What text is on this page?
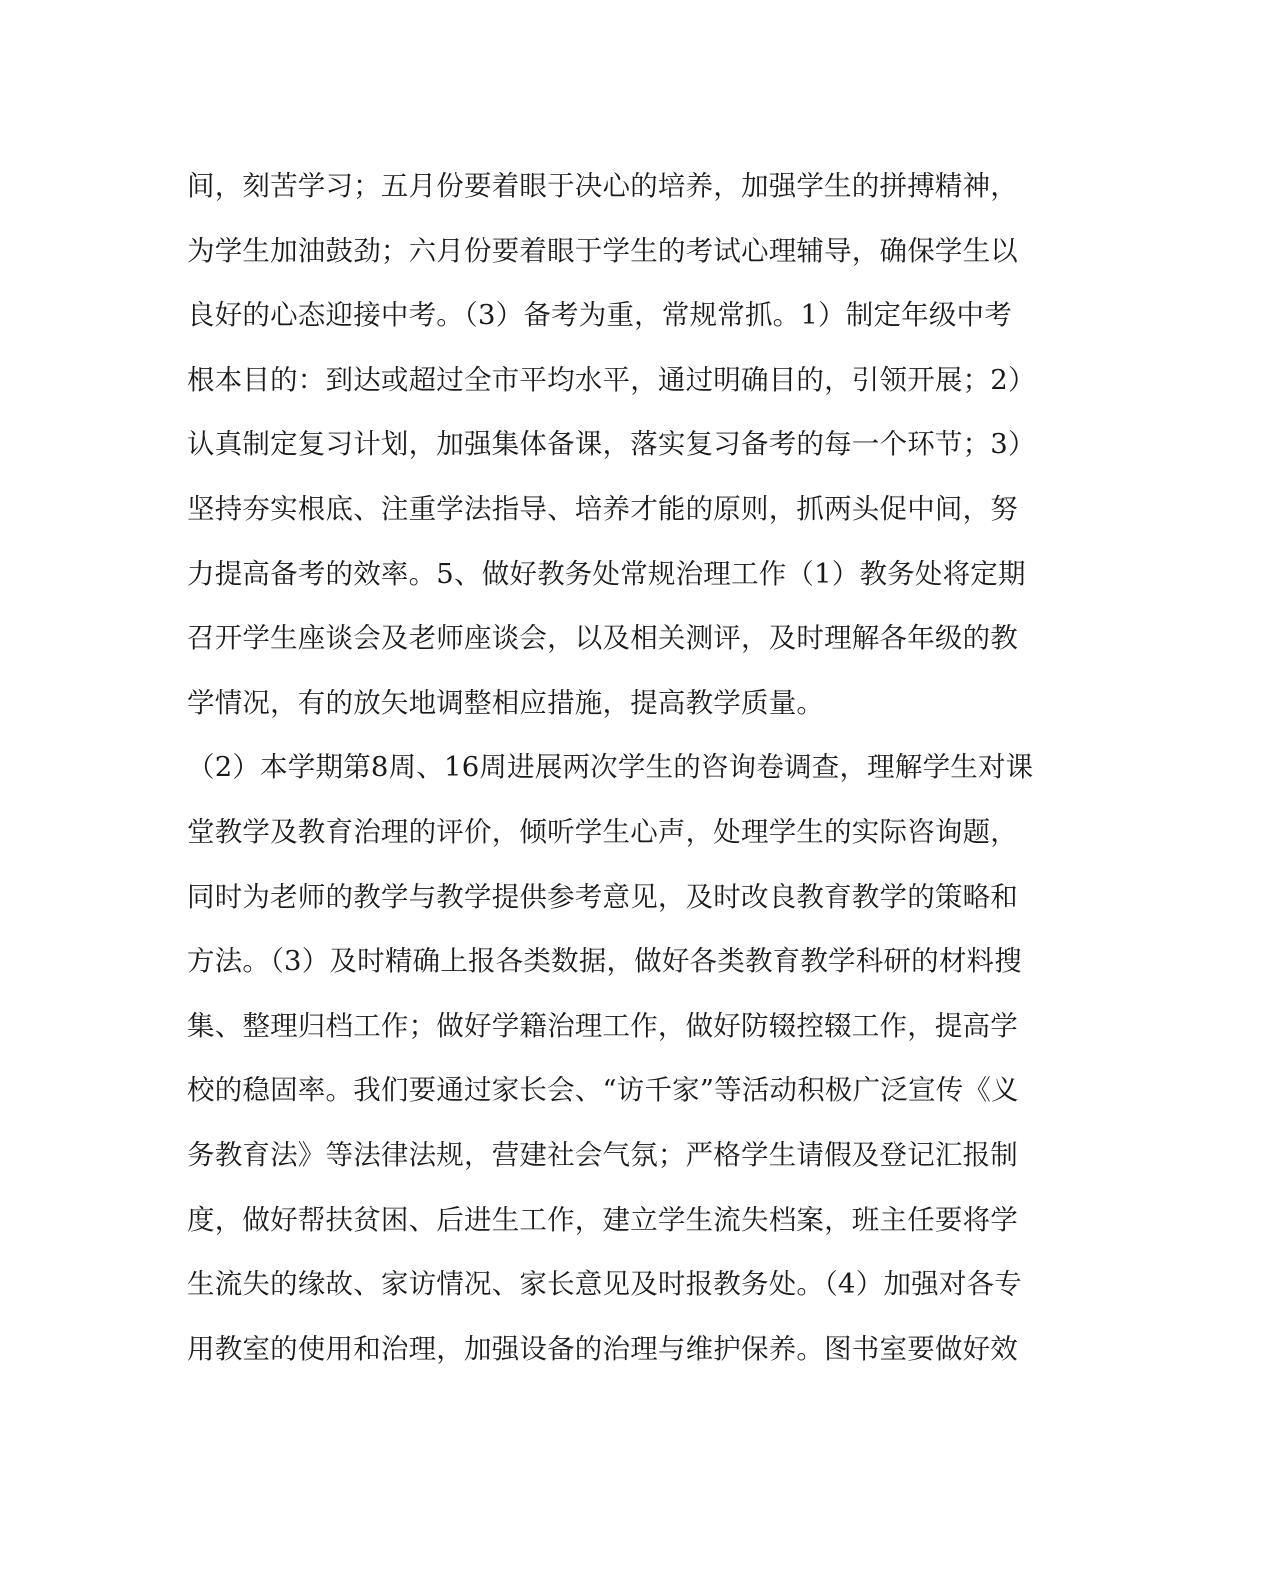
间，刻苦学习；五月份要着眼于决心的培养，加强学生的拼搏精神，
为学生加油鼓劲；六月份要着眼于学生的考试心理辅导，确保学生以
良好的心态迎接中考。（3）备考为重，常规常抓。1）制定年级中考
根本目的：到达或超过全市平均水平，通过明确目的，引领开展；2）
认真制定复习计划，加强集体备课，落实复习备考的每一个环节；3）
坚持夯实根底、注重学法指导、培养才能的原则，抓两头促中间，努
力提高备考的效率。5、做好教务处常规治理工作（1）教务处将定期
召开学生座谈会及老师座谈会，以及相关测评，及时理解各年级的教
学情况，有的放矢地调整相应措施，提高教学质量。
（2）本学期第8周、16周进展两次学生的咨询卷调查，理解学生对课
堂教学及教育治理的评价，倾听学生心声，处理学生的实际咨询题，
同时为老师的教学与教学提供参考意见，及时改良教育教学的策略和
方法。（3）及时精确上报各类数据，做好各类教育教学科研的材料搜
集、整理归档工作；做好学籍治理工作，做好防辍控辍工作，提高学
校的稳固率。我们要通过家长会、“访千家”等活动积极广泛宣传《义
务教育法》等法律法规，营建社会气氛；严格学生请假及登记汇报制
度，做好帮扶贫困、后进生工作，建立学生流失档案，班主任要将学
生流失的缘故、家访情况、家长意见及时报教务处。（4）加强对各专
用教室的使用和治理，加强设备的治理与维护保养。图书室要做好效
